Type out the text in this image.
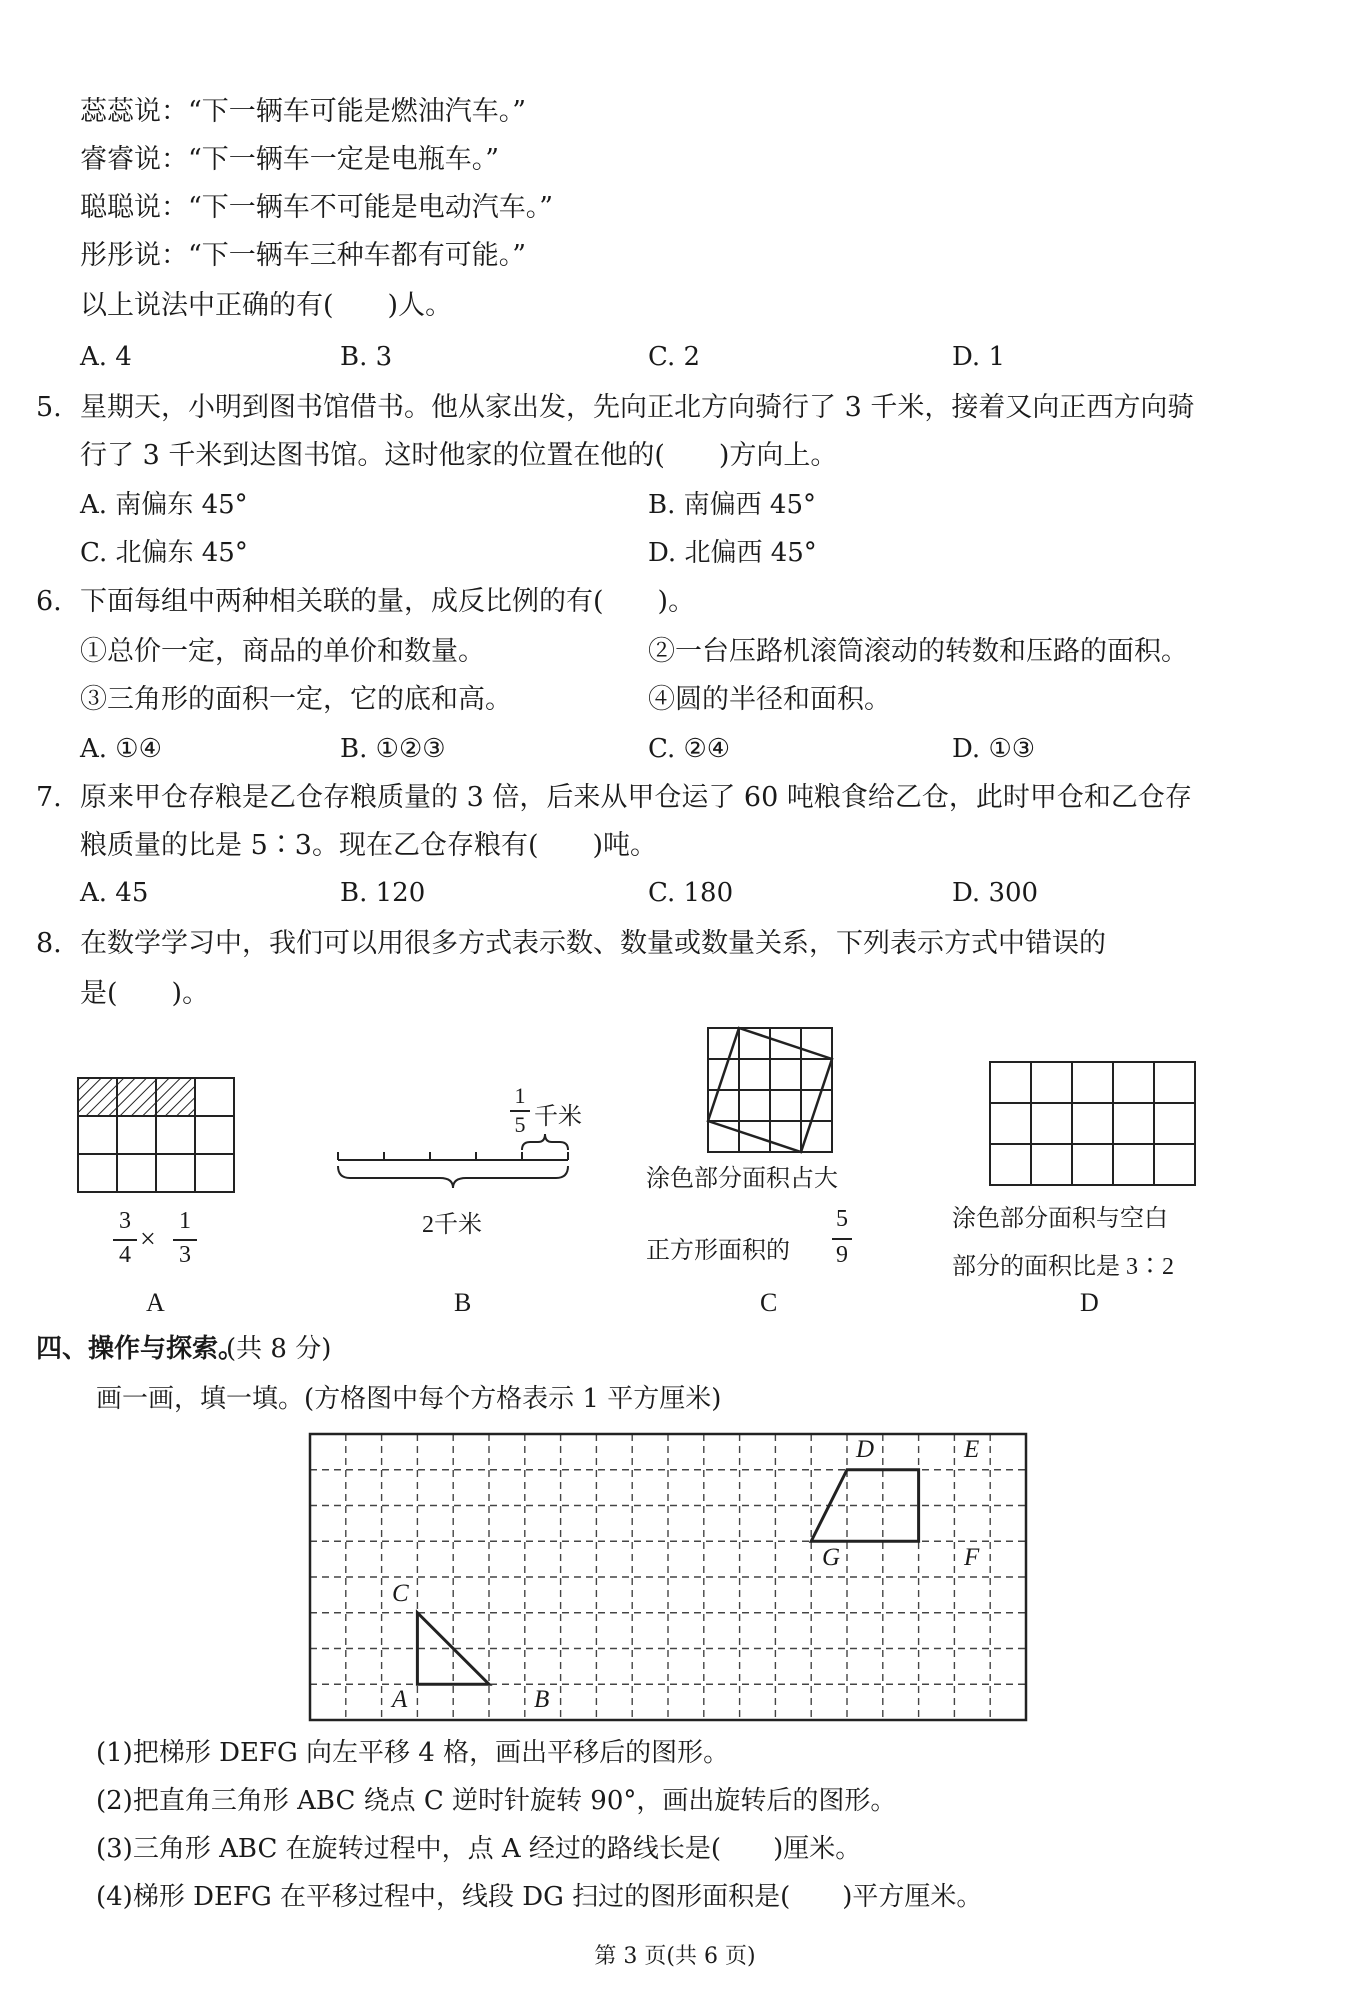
蕊蕊说：“下一辆车可能是燃油汽车。”
睿睿说：“下一辆车一定是电瓶车。”
聪聪说：“下一辆车不可能是电动汽车。”
彤彤说：“下一辆车三种车都有可能。”
以上说法中正确的有(　　)人。
A. 4	B. 3	C. 2	D. 1
5. 星期天，小明到图书馆借书。他从家出发，先向正北方向骑行了 3 千米，接着又向正西方向骑
行了 3 千米到达图书馆。这时他家的位置在他的(　　)方向上。
A. 南偏东 45°	B. 南偏西 45°
C. 北偏东 45°	D. 北偏西 45°
6. 下面每组中两种相关联的量，成反比例的有(　　)。
①总价一定，商品的单价和数量。	②一台压路机滚筒滚动的转数和压路的面积。
③三角形的面积一定，它的底和高。	④圆的半径和面积。
A. ①④	B. ①②③	C. ②④	D. ①③
7. 原来甲仓存粮是乙仓存粮质量的 3 倍，后来从甲仓运了 60 吨粮食给乙仓，此时甲仓和乙仓存
粮质量的比是 5∶3。现在乙仓存粮有(　　)吨。
A. 45	B. 120	C. 180	D. 300
8. 在数学学习中，我们可以用很多方式表示数、数量或数量关系，下列表示方式中错误的
是(　　)。
3
4 ×
1
3
A
1
5 千米
2千米
B
涂色部分面积占大
正方形面积的
5
9
C
涂色部分面积与空白
部分的面积比是 3∶2
D
四、操作与探索。
(共 8 分)
画一画，填一填。(方格图中每个方格表示 1 平方厘米)
D	E
F
G
C
A	B
(1)把梯形 DEFG 向左平移 4 格，画出平移后的图形。
(2)把直角三角形 ABC 绕点 C 逆时针旋转 90°，画出旋转后的图形。
(3)三角形 ABC 在旋转过程中，点 A 经过的路线长是(　　)厘米。
(4)梯形 DEFG 在平移过程中，线段 DG 扫过的图形面积是(　　)平方厘米。
第 3 页(共 6 页)
